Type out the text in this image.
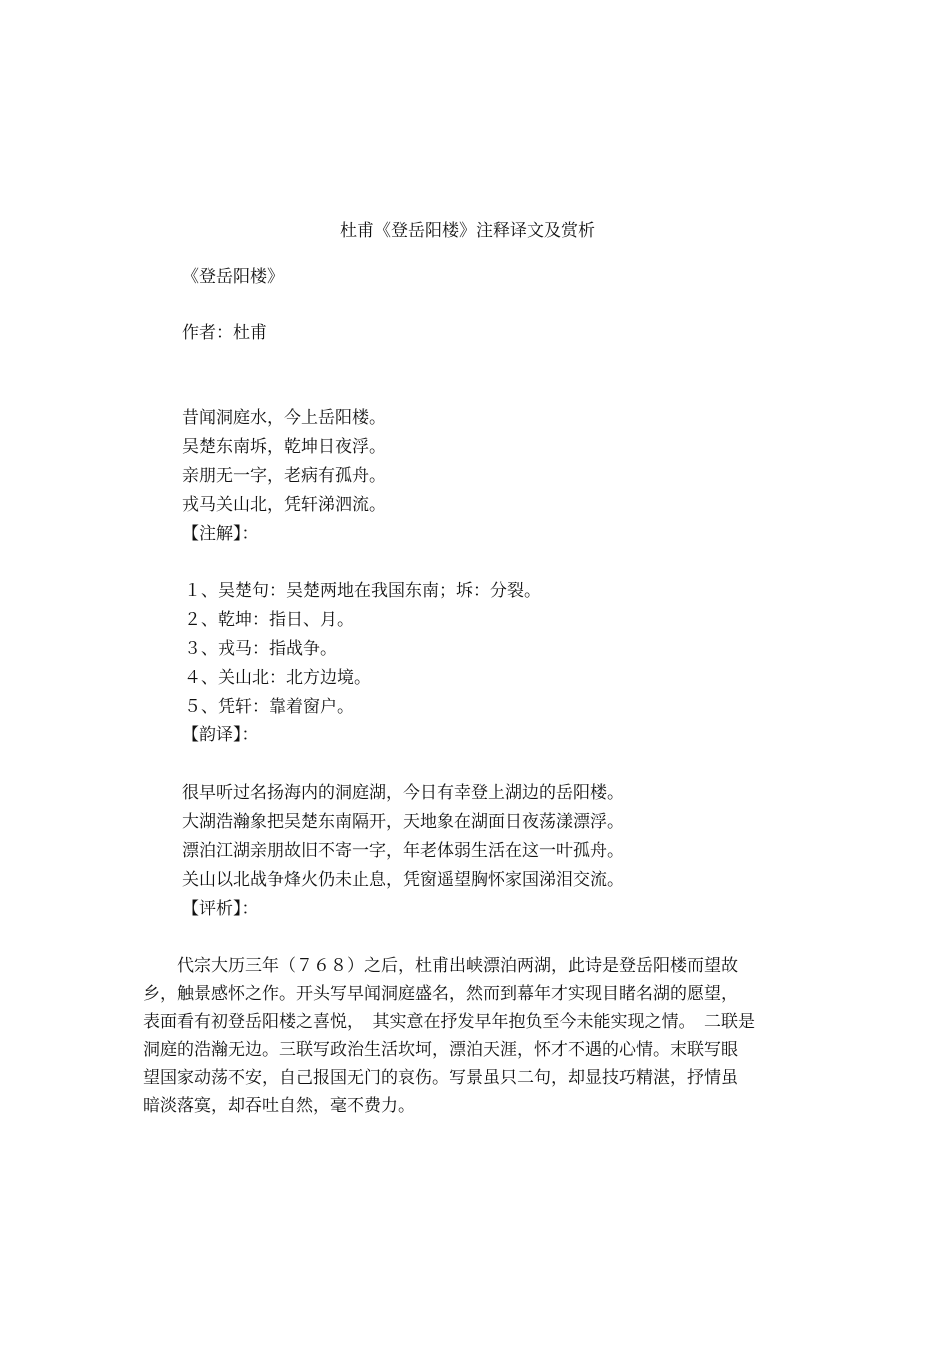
杜甫《登岳阳楼》注释译文及赏析

《登岳阳楼》

作者：杜甫

昔闻洞庭水，今上岳阳楼。

吴楚东南坼，乾坤日夜浮。

亲朋无一字，老病有孤舟。

戎马关山北，凭轩涕泗流。

【注解】：

１、吴楚句：吴楚两地在我国东南；坼：分裂。

２、乾坤：指日、月。

３、戎马：指战争。

４、关山北：北方边境。

５、凭轩：靠着窗户。

【韵译】：

很早听过名扬海内的洞庭湖，今日有幸登上湖边的岳阳楼。

大湖浩瀚象把吴楚东南隔开，天地象在湖面日夜荡漾漂浮。

漂泊江湖亲朋故旧不寄一字，年老体弱生活在这一叶孤舟。

关山以北战争烽火仍未止息，凭窗遥望胸怀家国涕泪交流。

【评析】：

　　代宗大历三年（７６８）之后，杜甫出峡漂泊两湖，此诗是登岳阳楼而望故

乡，触景感怀之作。开头写早闻洞庭盛名，然而到幕年才实现目睹名湖的愿望，

表面看有初登岳阳楼之喜悦，　其实意在抒发早年抱负至今未能实现之情。　二联是

洞庭的浩瀚无边。三联写政治生活坎坷，漂泊天涯，怀才不遇的心情。末联写眼

望国家动荡不安，自己报国无门的哀伤。写景虽只二句，却显技巧精湛，抒情虽

暗淡落寞，却吞吐自然，毫不费力。
